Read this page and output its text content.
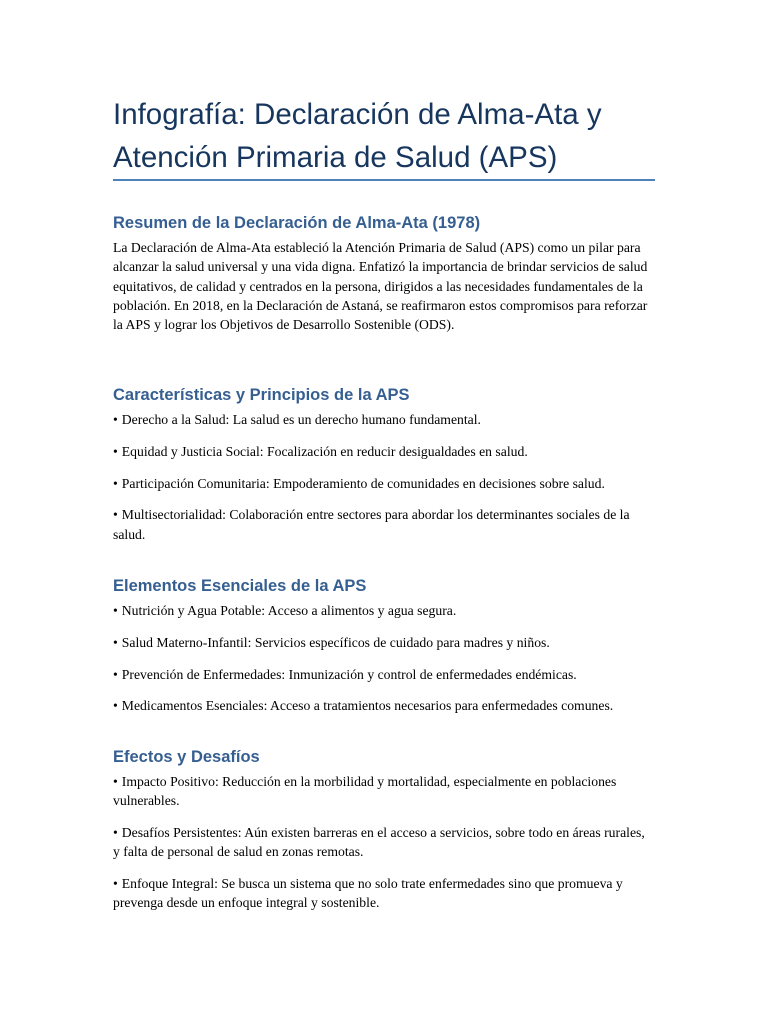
Infografía: Declaración de Alma-Ata y Atención Primaria de Salud (APS)
Resumen de la Declaración de Alma-Ata (1978)

La Declaración de Alma-Ata estableció la Atención Primaria de Salud (APS) como un pilar para alcanzar la salud universal y una vida digna. Enfatizó la importancia de brindar servicios de salud equitativos, de calidad y centrados en la persona, dirigidos a las necesidades fundamentales de la población. En 2018, en la Declaración de Astaná, se reafirmaron estos compromisos para reforzar la APS y lograr los Objetivos de Desarrollo Sostenible (ODS).

Características y Principios de la APS

• Derecho a la Salud: La salud es un derecho humano fundamental.

• Equidad y Justicia Social: Focalización en reducir desigualdades en salud.

• Participación Comunitaria: Empoderamiento de comunidades en decisiones sobre salud.

• Multisectorialidad: Colaboración entre sectores para abordar los determinantes sociales de la salud.

Elementos Esenciales de la APS

• Nutrición y Agua Potable: Acceso a alimentos y agua segura.

• Salud Materno-Infantil: Servicios específicos de cuidado para madres y niños.

• Prevención de Enfermedades: Inmunización y control de enfermedades endémicas.

• Medicamentos Esenciales: Acceso a tratamientos necesarios para enfermedades comunes.

Efectos y Desafíos

• Impacto Positivo: Reducción en la morbilidad y mortalidad, especialmente en poblaciones vulnerables.

• Desafíos Persistentes: Aún existen barreras en el acceso a servicios, sobre todo en áreas rurales, y falta de personal de salud en zonas remotas.

• Enfoque Integral: Se busca un sistema que no solo trate enfermedades sino que promueva y prevenga desde un enfoque integral y sostenible.
